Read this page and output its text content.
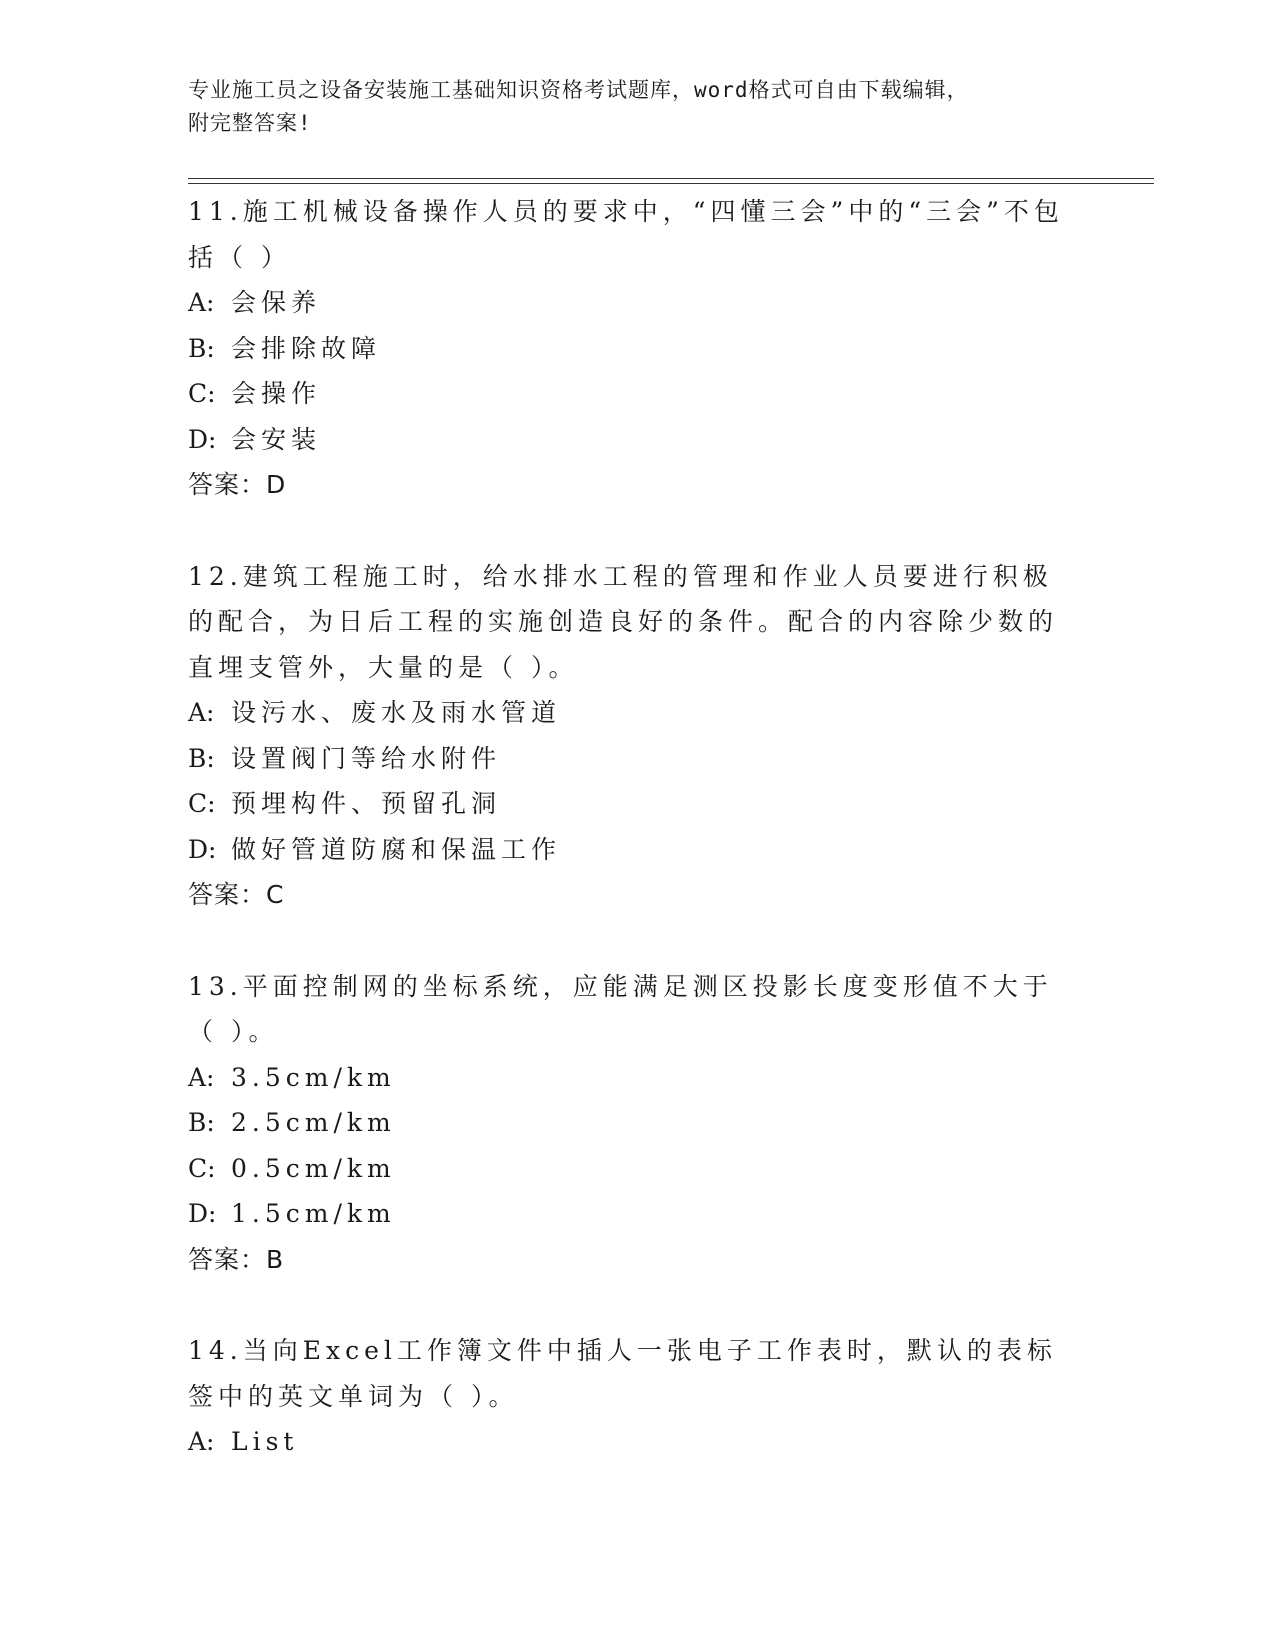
专业施工员之设备安装施工基础知识资格考试题库，word格式可自由下载编辑，
附完整答案!

11.施工机械设备操作人员的要求中，“四懂三会”中的“三会”不包括（ ）

A: 会保养

B: 会排除故障

C: 会操作

D: 会安装

答案：D

12.建筑工程施工时，给水排水工程的管理和作业人员要进行积极的配合，为日后工程的实施创造良好的条件。配合的内容除少数的直埋支管外，大量的是（ ）。

A: 设污水、废水及雨水管道

B: 设置阀门等给水附件

C: 预埋构件、预留孔洞

D: 做好管道防腐和保温工作

答案：C

13.平面控制网的坐标系统，应能满足测区投影长度变形值不大于（ ）。

A: 3.5cm/km

B: 2.5cm/km

C: 0.5cm/km

D: 1.5cm/km

答案：B

14.当向Excel工作簿文件中插人一张电子工作表时，默认的表标签中的英文单词为（ ）。

A: List
